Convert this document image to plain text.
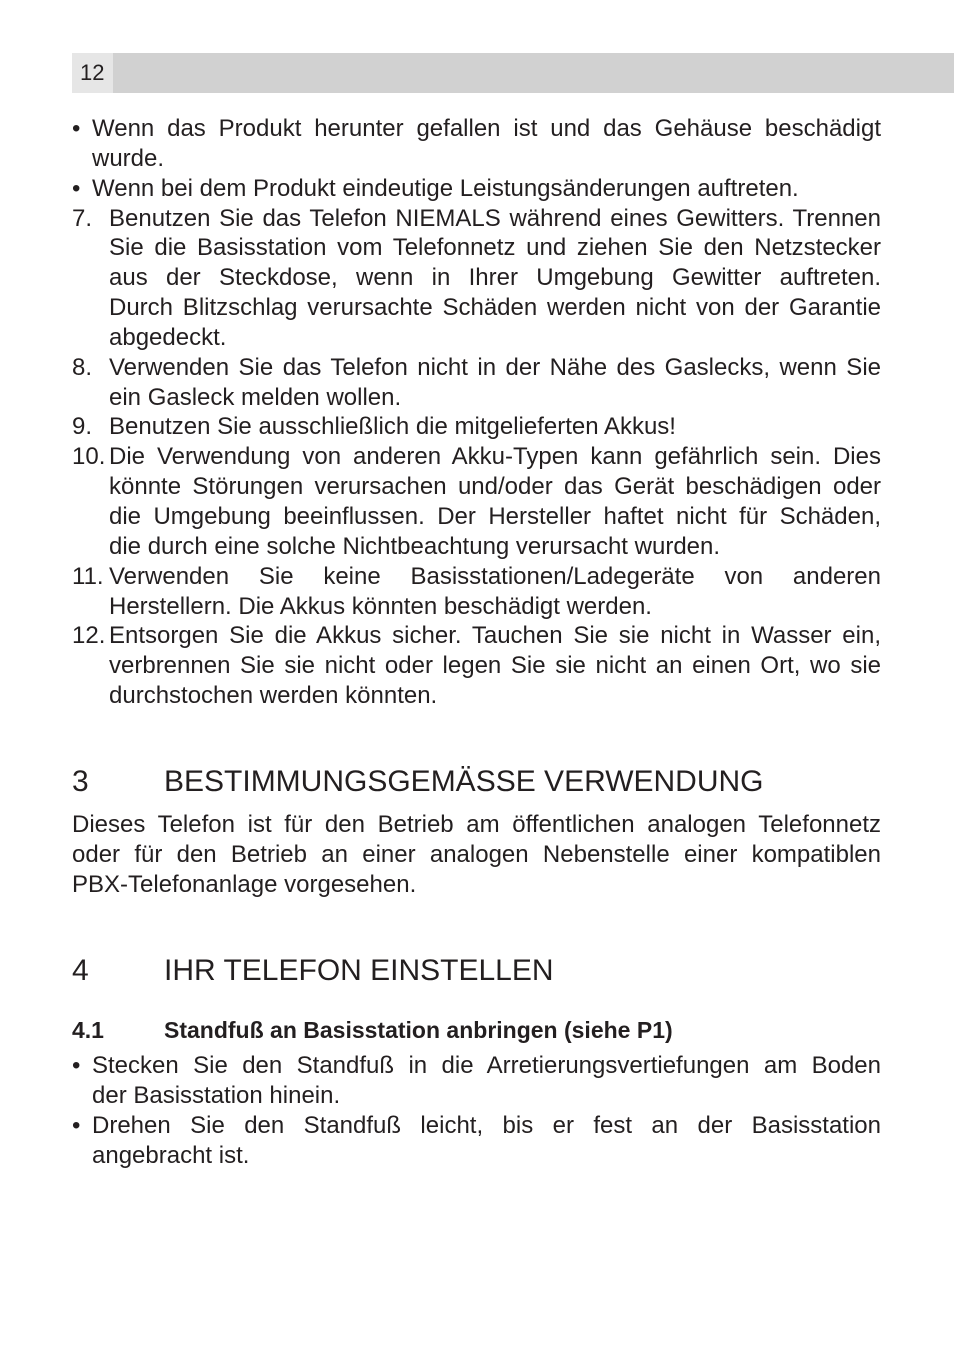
12
• Wenn das Produkt herunter gefallen ist und das Gehäuse beschädigt
wurde.
• Wenn bei dem Produkt eindeutige Leistungsänderungen auftreten.
7. Benutzen Sie das Telefon NIEMALS während eines Gewitters. Trennen
Sie die Basisstation vom Telefonnetz und ziehen Sie den Netzstecker
aus der Steckdose, wenn in Ihrer Umgebung Gewitter auftreten.
Durch Blitzschlag verursachte Schäden werden nicht von der Garantie
abgedeckt.
8. Verwenden Sie das Telefon nicht in der Nähe des Gaslecks, wenn Sie
ein Gasleck melden wollen.
9. Benutzen Sie ausschließlich die mitgelieferten Akkus!
10. Die Verwendung von anderen Akku-Typen kann gefährlich sein. Dies
könnte Störungen verursachen und/oder das Gerät beschädigen oder
die Umgebung beeinflussen. Der Hersteller haftet nicht für Schäden,
die durch eine solche Nichtbeachtung verursacht wurden.
11. Verwenden Sie keine Basisstationen/Ladegeräte von anderen
Herstellern. Die Akkus könnten beschädigt werden.
12. Entsorgen Sie die Akkus sicher. Tauchen Sie sie nicht in Wasser ein,
verbrennen Sie sie nicht oder legen Sie sie nicht an einen Ort, wo sie
durchstochen werden könnten.
3	BESTIMMUNGSGEMÄSSE VERWENDUNG
Dieses Telefon ist für den Betrieb am öffentlichen analogen Telefonnetz
oder für den Betrieb an einer analogen Nebenstelle einer kompatiblen
PBX-Telefonanlage vorgesehen.
4	IHR TELEFON EINSTELLEN
4.1	Standfuß an Basisstation anbringen (siehe P1)
• Stecken Sie den Standfuß in die Arretierungsvertiefungen am Boden
der Basisstation hinein.
• Drehen Sie den Standfuß leicht, bis er fest an der Basisstation
angebracht ist.
